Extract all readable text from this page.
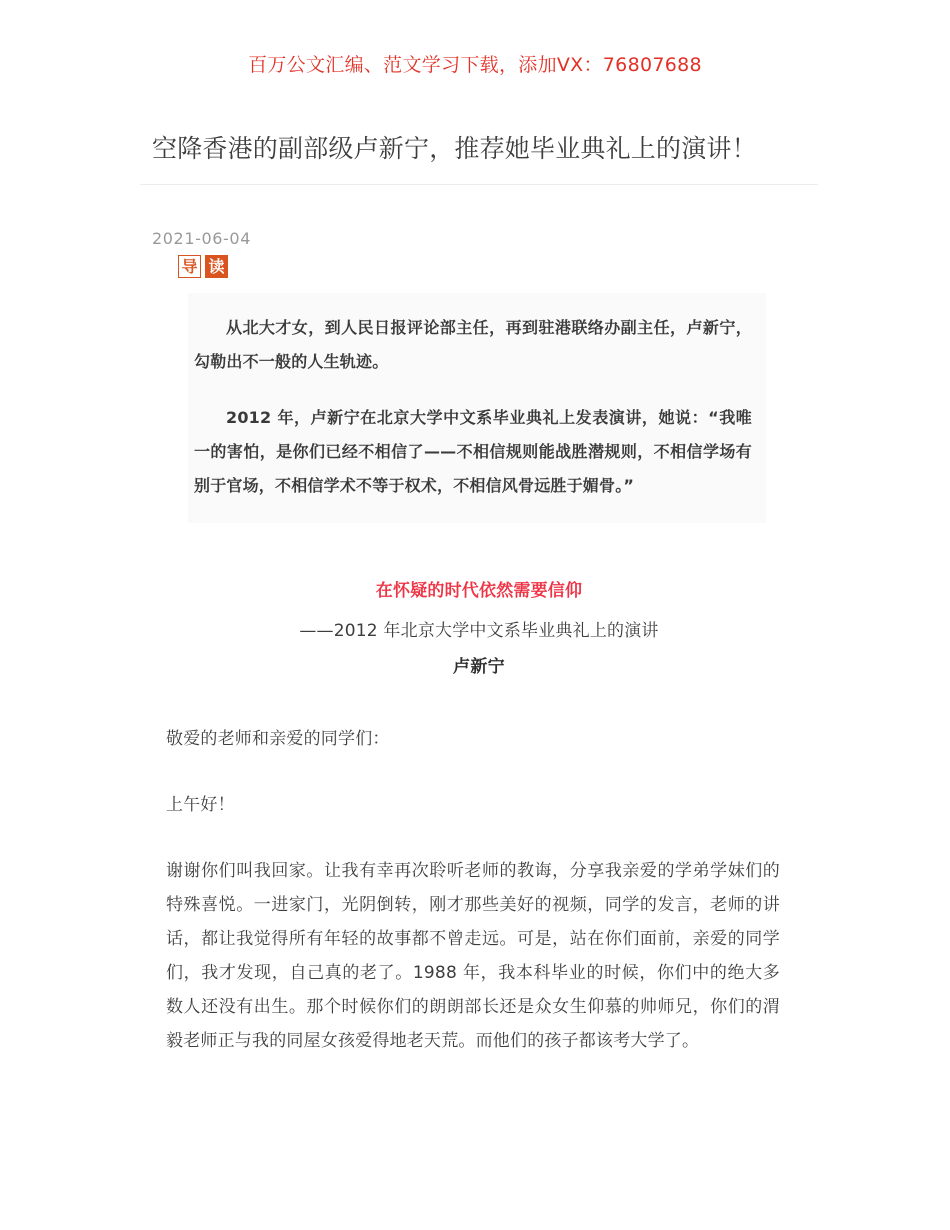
百万公文汇编、范文学习下载，添加VX：76807688
空降香港的副部级卢新宁，推荐她毕业典礼上的演讲！
2021-06-04
导 读

从北大才女，到人民日报评论部主任，再到驻港联络办副主任，卢新宁，勾勒出不一般的人生轨迹。

2012 年，卢新宁在北京大学中文系毕业典礼上发表演讲，她说：“我唯一的害怕，是你们已经不相信了——不相信规则能战胜潜规则，不相信学场有别于官场，不相信学术不等于权术，不相信风骨远胜于媚骨。”

在怀疑的时代依然需要信仰
——2012 年北京大学中文系毕业典礼上的演讲
卢新宁

敬爱的老师和亲爱的同学们：

上午好！

谢谢你们叫我回家。让我有幸再次聆听老师的教诲，分享我亲爱的学弟学妹们的特殊喜悦。一进家门，光阴倒转，刚才那些美好的视频，同学的发言，老师的讲话，都让我觉得所有年轻的故事都不曾走远。可是，站在你们面前，亲爱的同学们，我才发现，自己真的老了。1988 年，我本科毕业的时候，你们中的绝大多数人还没有出生。那个时候你们的朗朗部长还是众女生仰慕的帅师兄，你们的渭毅老师正与我的同屋女孩爱得地老天荒。而他们的孩子都该考大学了。
